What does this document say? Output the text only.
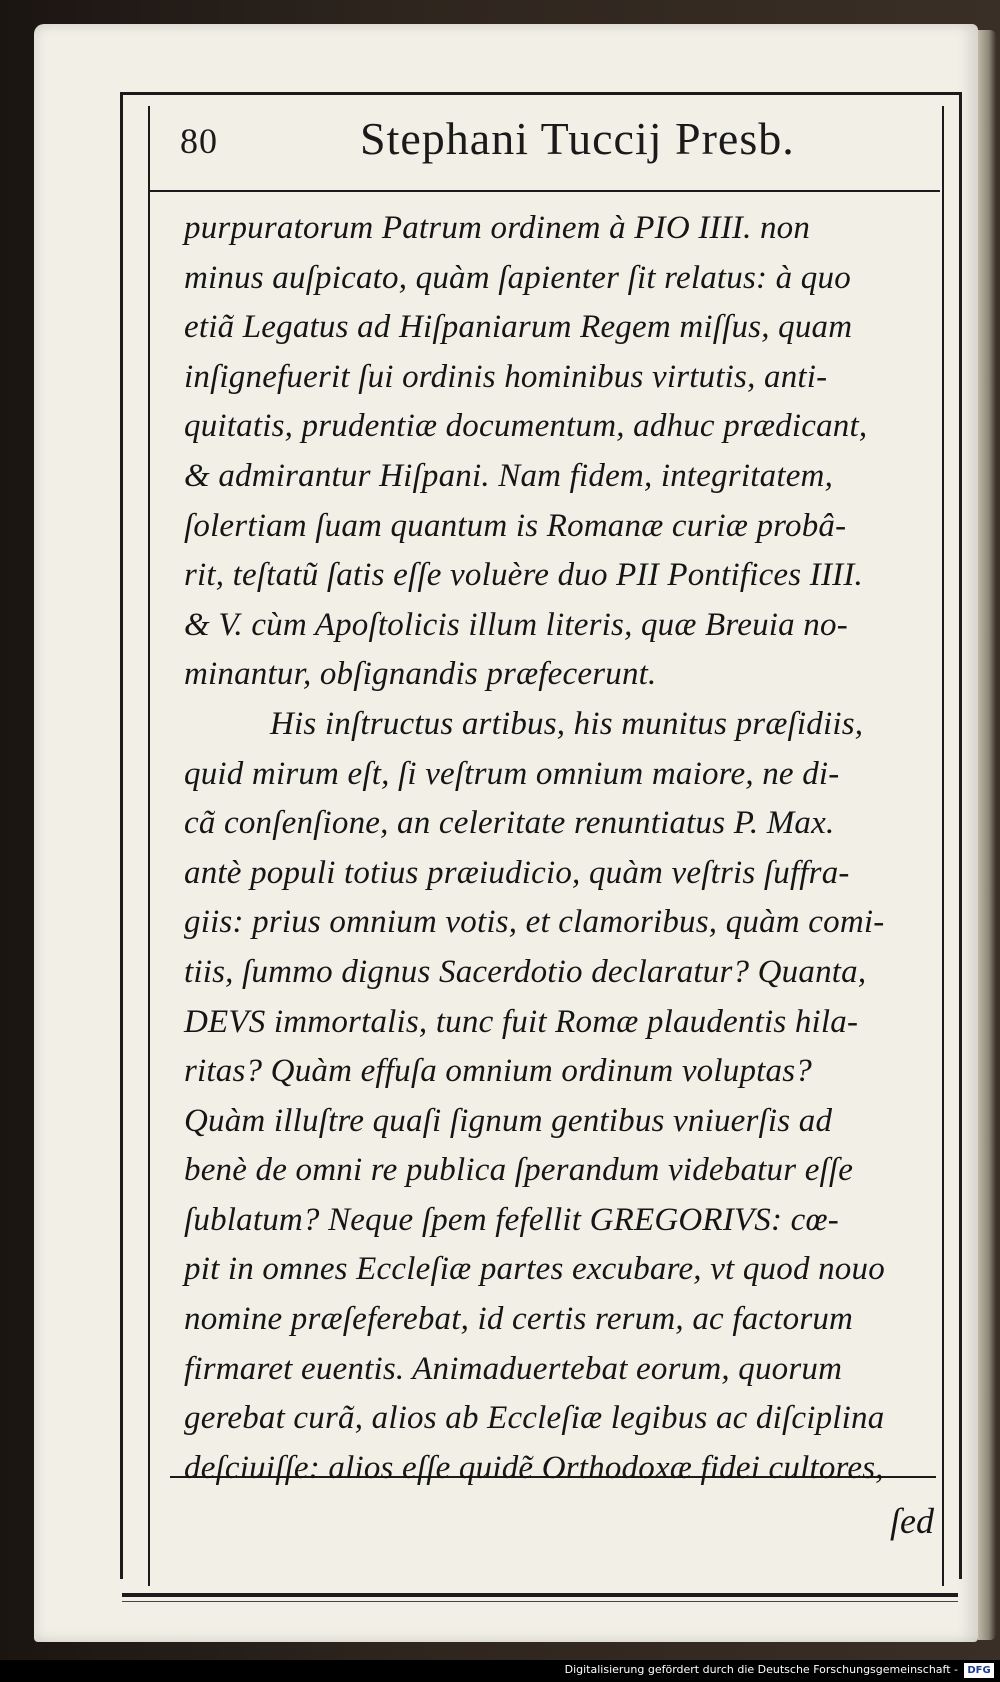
80	Stephani Tuccij Presb.
purpuratorum Patrum ordinem à PIO IIII. non
minus auſpicato, quàm ſapienter ſit relatus: à quo
etiã Legatus ad Hiſpaniarum Regem miſſus, quam
inſignefuerit ſui ordinis hominibus virtutis, anti-
quitatis, prudentiæ documentum, adhuc prædicant,
& admirantur Hiſpani. Nam fidem, integritatem,
ſolertiam ſuam quantum is Romanæ curiæ probâ-
rit, teſtatũ ſatis eſſe voluère duo PII Pontifices IIII.
& V. cùm Apoſtolicis illum literis, quæ Breuia no-
minantur, obſignandis præfecerunt.
His inſtructus artibus, his munitus præſidiis,
quid mirum eſt, ſi veſtrum omnium maiore, ne di-
cã conſenſione, an celeritate renuntiatus P. Max.
antè populi totius præiudicio, quàm veſtris ſuffra-
giis: prius omnium votis, et clamoribus, quàm comi-
tiis, ſummo dignus Sacerdotio declaratur? Quanta,
DEVS immortalis, tunc fuit Romæ plaudentis hila-
ritas? Quàm effuſa omnium ordinum voluptas?
Quàm illuſtre quaſi ſignum gentibus vniuerſis ad
benè de omni re publica ſperandum videbatur eſſe
ſublatum? Neque ſpem fefellit GREGORIVS: cœ-
pit in omnes Eccleſiæ partes excubare, vt quod nouo
nomine præſeferebat, id certis rerum, ac factorum
firmaret euentis. Animaduertebat eorum, quorum
gerebat curã, alios ab Eccleſiæ legibus ac diſciplina
deſciuiſſe: alios eſſe quidẽ Orthodoxæ fidei cultores,
ſed
Digitalisierung gefördert durch die Deutsche Forschungsgemeinschaft - DFG
